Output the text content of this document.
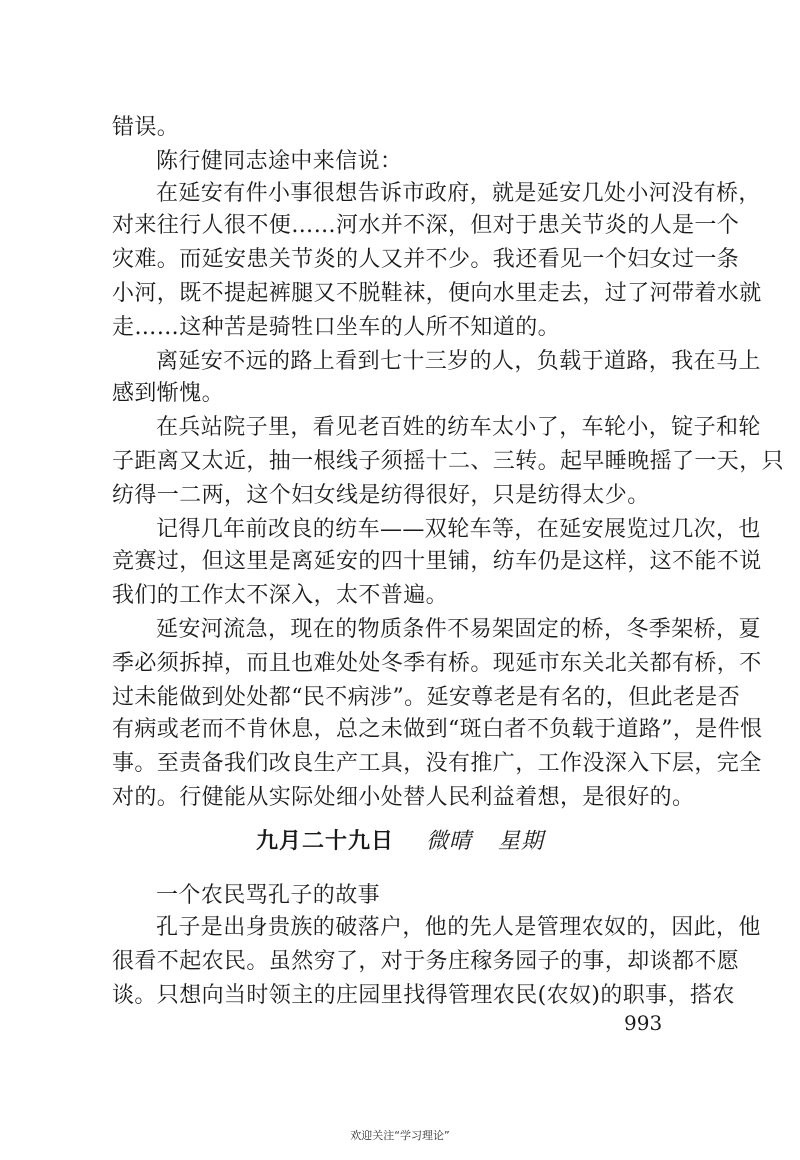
错误。
陈行健同志途中来信说：
在延安有件小事很想告诉市政府，就是延安几处小河没有桥，
对来往行人很不便……河水并不深，但对于患关节炎的人是一个
灾难。而延安患关节炎的人又并不少。我还看见一个妇女过一条
小河，既不提起裤腿又不脱鞋袜，便向水里走去，过了河带着水就
走……这种苦是骑牲口坐车的人所不知道的。
离延安不远的路上看到七十三岁的人，负载于道路，我在马上
感到惭愧。
在兵站院子里，看见老百姓的纺车太小了，车轮小，锭子和轮
子距离又太近，抽一根线子须摇十二、三转。起早睡晚摇了一天，只
纺得一二两，这个妇女线是纺得很好，只是纺得太少。
记得几年前改良的纺车——双轮车等，在延安展览过几次，也
竞赛过，但这里是离延安的四十里铺，纺车仍是这样，这不能不说
我们的工作太不深入，太不普遍。
延安河流急，现在的物质条件不易架固定的桥，冬季架桥，夏
季必须拆掉，而且也难处处冬季有桥。现延市东关北关都有桥，不
过未能做到处处都“民不病涉”。延安尊老是有名的，但此老是否
有病或老而不肯休息，总之未做到“斑白者不负载于道路”，是件恨
事。至责备我们改良生产工具，没有推广，工作没深入下层，完全
对的。行健能从实际处细小处替人民利益着想，是很好的。
九月二十九日 微晴 星期
一个农民骂孔子的故事
孔子是出身贵族的破落户，他的先人是管理农奴的，因此，他
很看不起农民。虽然穷了，对于务庄稼务园子的事，却谈都不愿
谈。只想向当时领主的庄园里找得管理农民(农奴)的职事，搭农
993
欢迎关注“学习理论”
